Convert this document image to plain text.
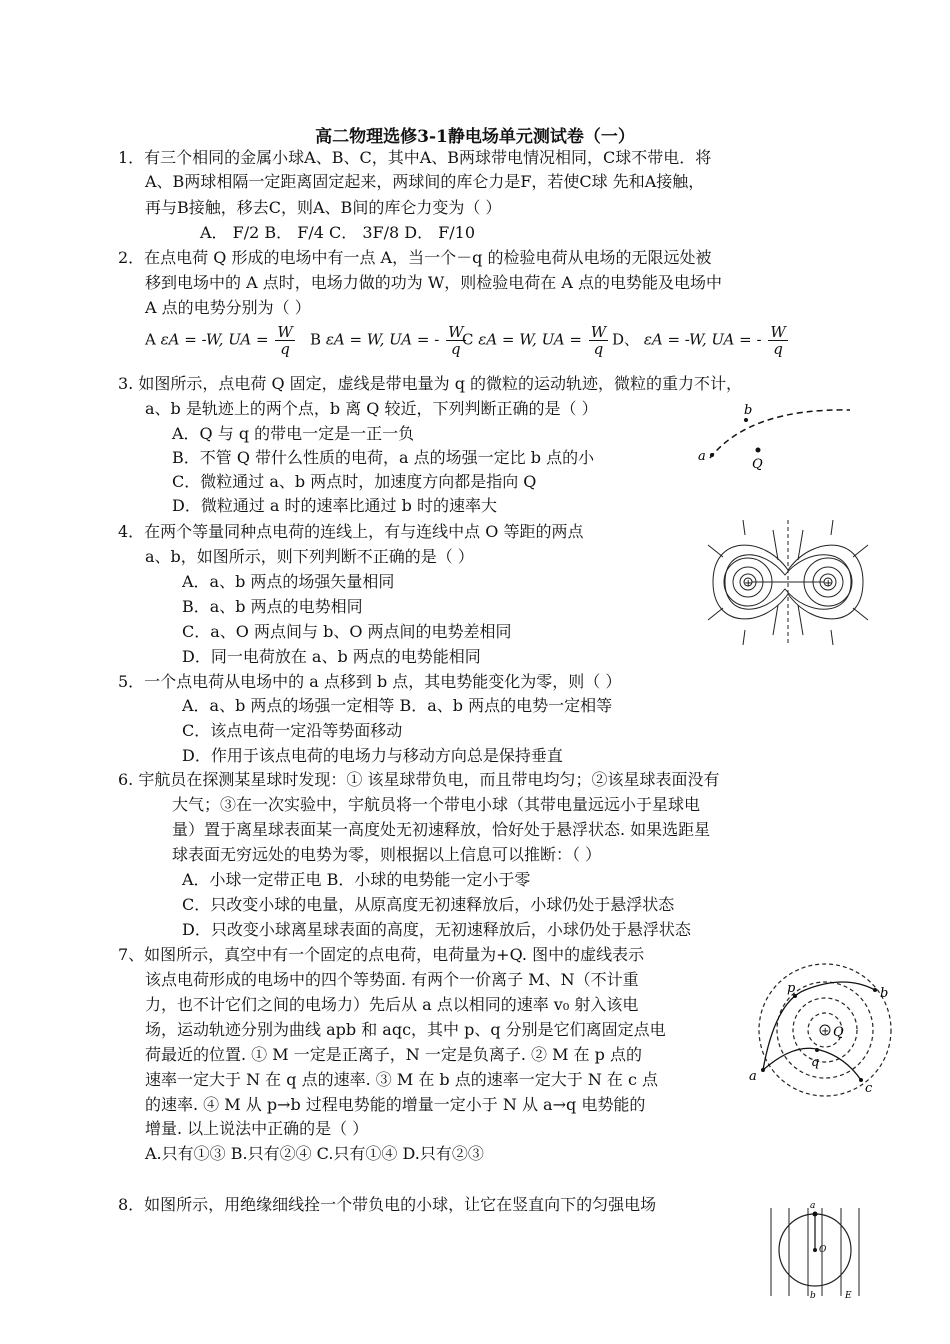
高二物理选修3-1静电场单元测试卷（一）
1．有三个相同的金属小球A、B、C，其中A、B两球带电情况相同，C球不带电．将
A、B两球相隔一定距离固定起来，两球间的库仑力是F，若使C球 先和A接触，
再与B接触，移去C，则A、B间的库仑力变为（ ）
A． F/2 B． F/4 C． 3F/8 D． F/10
2．在点电荷 Q 形成的电场中有一点 A，当一个－q 的检验电荷从电场的无限远处被
移到电场中的 A 点时，电场力做的功为 W，则检验电荷在 A 点的电势能及电场中
A 点的电势分别为（ ）
A εA = -W, UA = $\frac{W}{q}$ B εA = W, UA = - $\frac{W}{q}$
C εA = W, UA = $\frac{W}{q}$ D、 εA = -W, UA = - $\frac{W}{q}$
3. 如图所示，点电荷 Q 固定，虚线是带电量为 q 的微粒的运动轨迹，微粒的重力不计，
a、b 是轨迹上的两个点，b 离 Q 较近，下列判断正确的是（ ）
A．Q 与 q 的带电一定是一正一负
B．不管 Q 带什么性质的电荷，a 点的场强一定比 b 点的小
C．微粒通过 a、b 两点时，加速度方向都是指向 Q
D．微粒通过 a 时的速率比通过 b 时的速率大
a
b
Q
4．在两个等量同种点电荷的连线上，有与连线中点 O 等距的两点
a、b，如图所示，则下列判断不正确的是（ ）
A．a、b 两点的场强矢量相同
B．a、b 两点的电势相同
C．a、O 两点间与 b、O 两点间的电势差相同
D．同一电荷放在 a、b 两点的电势能相同
+	+
5．一个点电荷从电场中的 a 点移到 b 点，其电势能变化为零，则（ ）
A．a、b 两点的场强一定相等 B．a、b 两点的电势一定相等
C．该点电荷一定沿等势面移动
D．作用于该点电荷的电场力与移动方向总是保持垂直
6. 宇航员在探测某星球时发现：① 该星球带负电，而且带电均匀；②该星球表面没有
大气；③在一次实验中，宇航员将一个带电小球（其带电量远远小于星球电
量）置于离星球表面某一高度处无初速释放，恰好处于悬浮状态. 如果选距星
球表面无穷远处的电势为零，则根据以上信息可以推断：（ ）
A．小球一定带正电 B．小球的电势能一定小于零
C．只改变小球的电量，从原高度无初速释放后，小球仍处于悬浮状态
D．只改变小球离星球表面的高度，无初速释放后，小球仍处于悬浮状态
7、如图所示，真空中有一个固定的点电荷，电荷量为+Q. 图中的虚线表示
该点电荷形成的电场中的四个等势面. 有两个一价离子 M、N（不计重
力，也不计它们之间的电场力）先后从 a 点以相同的速率 v₀ 射入该电
场，运动轨迹分别为曲线 apb 和 aqc，其中 p、q 分别是它们离固定点电
荷最近的位置. ① M 一定是正离子，N 一定是负离子. ② M 在 p 点的
速率一定大于 N 在 q 点的速率. ③ M 在 b 点的速率一定大于 N 在 c 点
的速率. ④ M 从 p→b 过程电势能的增量一定小于 N 从 a→q 电势能的
增量. 以上说法中正确的是（ ）
A.只有①③ B.只有②④ C.只有①④ D.只有②③
+
a
b
c
p
q
Q
8．如图所示，用绝缘细线拴一个带负电的小球，让它在竖直向下的匀强电场	a
O
b	E
